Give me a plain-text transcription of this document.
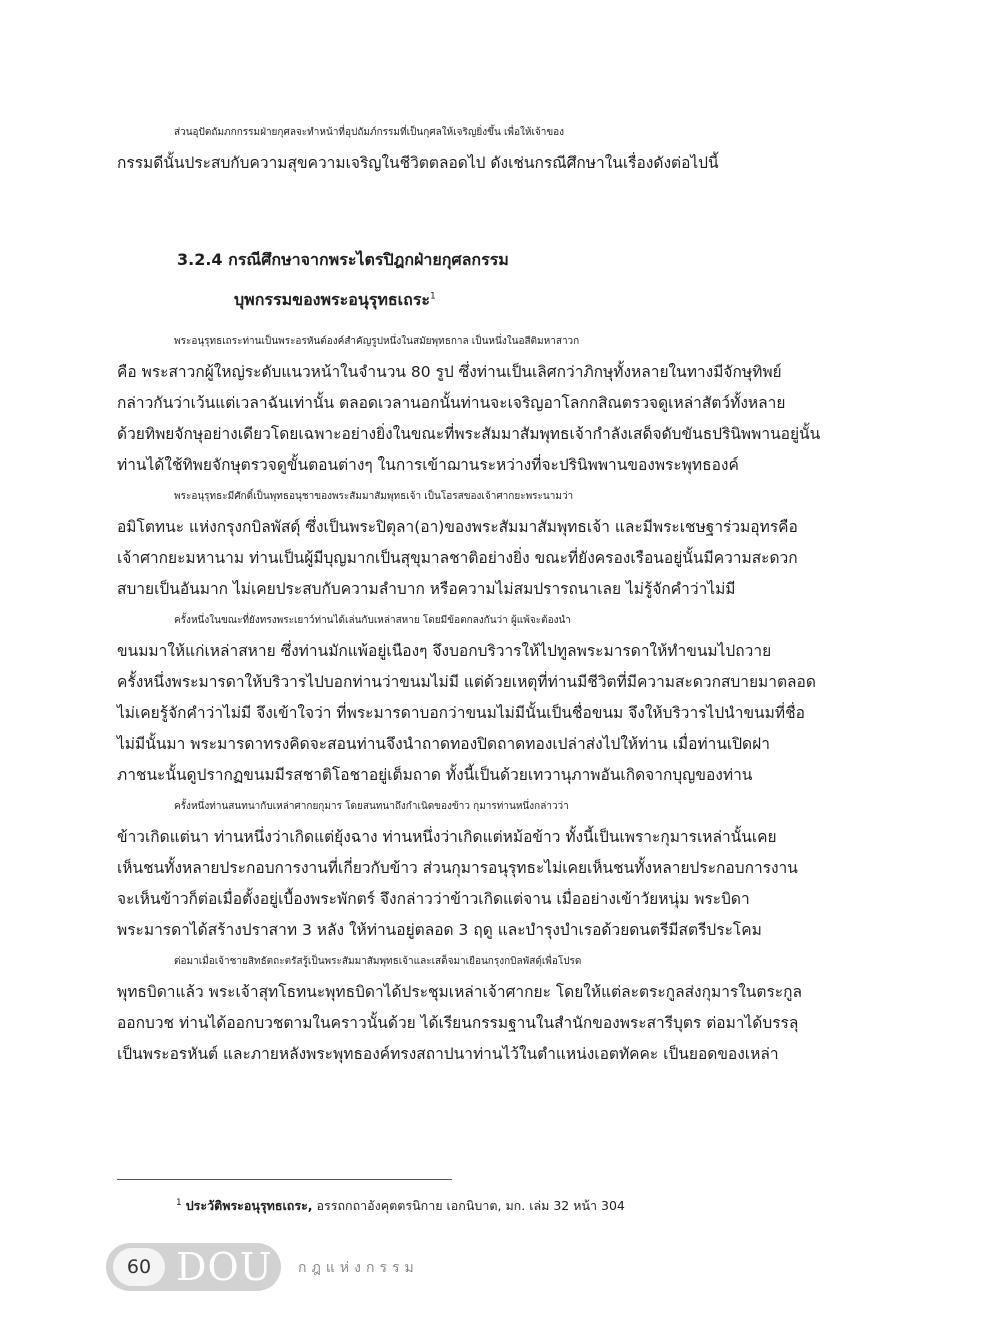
ส่วนอุปัตถัมภกกรรมฝ่ายกุศลจะทำหน้าที่อุปถัมภ์กรรมที่เป็นกุศลให้เจริญยิ่งขึ้น เพื่อให้เจ้าของ
กรรมดีนั้นประสบกับความสุขความเจริญในชีวิตตลอดไป ดังเช่นกรณีศึกษาในเรื่องดังต่อไปนี้

3.2.4 กรณีศึกษาจากพระไตรปิฎกฝ่ายกุศลกรรม
บุพกรรมของพระอนุรุทธเถระ$^1$

พระอนุรุทธเถระท่านเป็นพระอรหันต์องค์สำคัญรูปหนึ่งในสมัยพุทธกาล เป็นหนึ่งในอสีติมหาสาวก
คือ พระสาวกผู้ใหญ่ระดับแนวหน้าในจำนวน 80 รูป ซึ่งท่านเป็นเลิศกว่าภิกษุทั้งหลายในทางมีจักษุทิพย์
กล่าวกันว่าเว้นแต่เวลาฉันเท่านั้น ตลอดเวลานอกนั้นท่านจะเจริญอาโลกกสิณตรวจดูเหล่าสัตว์ทั้งหลาย
ด้วยทิพยจักษุอย่างเดียวโดยเฉพาะอย่างยิ่งในขณะที่พระสัมมาสัมพุทธเจ้ากำลังเสด็จดับขันธปรินิพพานอยู่นั้น
ท่านได้ใช้ทิพยจักษุตรวจดูขั้นตอนต่างๆ ในการเข้าฌานระหว่างที่จะปรินิพพานของพระพุทธองค์

พระอนุรุทธะมีศักดิ์เป็นพุทธอนุชาของพระสัมมาสัมพุทธเจ้า เป็นโอรสของเจ้าศากยะพระนามว่า
อมิโตทนะ แห่งกรุงกบิลพัสดุ์ ซึ่งเป็นพระปิตุลา(อา)ของพระสัมมาสัมพุทธเจ้า และมีพระเชษฐาร่วมอุทรคือ
เจ้าศากยะมหานาม ท่านเป็นผู้มีบุญมากเป็นสุขุมาลชาติอย่างยิ่ง ขณะที่ยังครองเรือนอยู่นั้นมีความสะดวก
สบายเป็นอันมาก ไม่เคยประสบกับความลำบาก หรือความไม่สมปรารถนาเลย ไม่รู้จักคำว่าไม่มี

ครั้งหนึ่งในขณะที่ยังทรงพระเยาว์ท่านได้เล่นกับเหล่าสหาย โดยมีข้อตกลงกันว่า ผู้แพ้จะต้องนำ
ขนมมาให้แก่เหล่าสหาย ซึ่งท่านมักแพ้อยู่เนืองๆ จึงบอกบริวารให้ไปทูลพระมารดาให้ทำขนมไปถวาย
ครั้งหนึ่งพระมารดาให้บริวารไปบอกท่านว่าขนมไม่มี แต่ด้วยเหตุที่ท่านมีชีวิตที่มีความสะดวกสบายมาตลอด
ไม่เคยรู้จักคำว่าไม่มี จึงเข้าใจว่า ที่พระมารดาบอกว่าขนมไม่มีนั้นเป็นชื่อขนม จึงให้บริวารไปนำขนมที่ชื่อ
ไม่มีนั้นมา พระมารดาทรงคิดจะสอนท่านจึงนำถาดทองปิดถาดทองเปล่าส่งไปให้ท่าน เมื่อท่านเปิดฝา
ภาชนะนั้นดูปรากฏขนมมีรสชาติโอชาอยู่เต็มถาด ทั้งนี้เป็นด้วยเทวานุภาพอันเกิดจากบุญของท่าน

ครั้งหนึ่งท่านสนทนากับเหล่าศากยกุมาร โดยสนทนาถึงกำเนิดของข้าว กุมารท่านหนึ่งกล่าวว่า
ข้าวเกิดแต่นา ท่านหนึ่งว่าเกิดแต่ยุ้งฉาง ท่านหนึ่งว่าเกิดแต่หม้อข้าว ทั้งนี้เป็นเพราะกุมารเหล่านั้นเคย
เห็นชนทั้งหลายประกอบการงานที่เกี่ยวกับข้าว ส่วนกุมารอนุรุทธะไม่เคยเห็นชนทั้งหลายประกอบการงาน
จะเห็นข้าวก็ต่อเมื่อตั้งอยู่เบื้องพระพักตร์ จึงกล่าวว่าข้าวเกิดแต่จาน เมื่ออย่างเข้าวัยหนุ่ม พระบิดา
พระมารดาได้สร้างปราสาท 3 หลัง ให้ท่านอยู่ตลอด 3 ฤดู และบำรุงบำเรอด้วยดนตรีมีสตรีประโคม

ต่อมาเมื่อเจ้าชายสิทธัตถะตรัสรู้เป็นพระสัมมาสัมพุทธเจ้าและเสด็จมาเยือนกรุงกบิลพัสดุ์เพื่อโปรด
พุทธบิดาแล้ว พระเจ้าสุทโธทนะพุทธบิดาได้ประชุมเหล่าเจ้าศากยะ โดยให้แต่ละตระกูลส่งกุมารในตระกูล
ออกบวช ท่านได้ออกบวชตามในคราวนั้นด้วย ได้เรียนกรรมฐานในสำนักของพระสารีบุตร ต่อมาได้บรรลุ
เป็นพระอรหันต์ และภายหลังพระพุทธองค์ทรงสถาปนาท่านไว้ในตำแหน่งเอตทัคคะ เป็นยอดของเหล่า

$^1$ ประวัติพระอนุรุทธเถระ, อรรถกถาอังคุตตรนิกาย เอกนิบาต, มก. เล่ม 32 หน้า 304
60 DOU กฎแห่งกรรม
